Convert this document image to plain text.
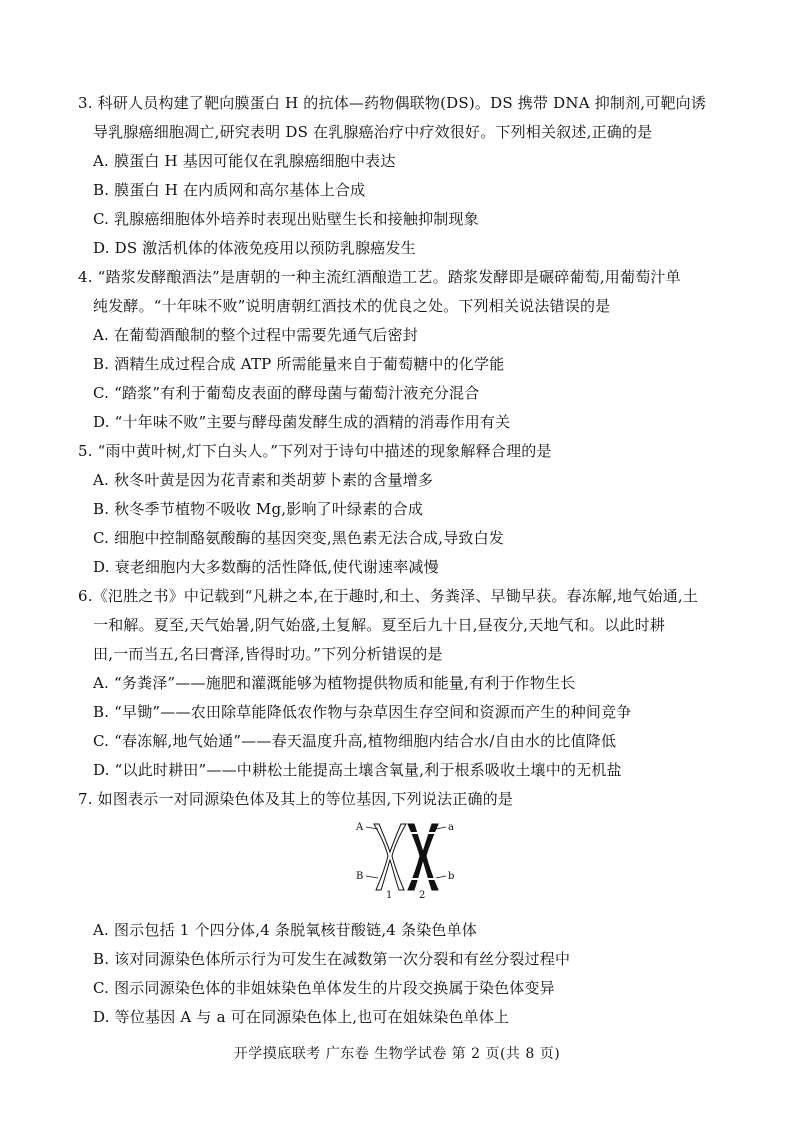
3. 科研人员构建了靶向膜蛋白 H 的抗体—药物偶联物(DS)。DS 携带 DNA 抑制剂,可靶向诱
导乳腺癌细胞凋亡,研究表明 DS 在乳腺癌治疗中疗效很好。下列相关叙述,正确的是
A. 膜蛋白 H 基因可能仅在乳腺癌细胞中表达
B. 膜蛋白 H 在内质网和高尔基体上合成
C. 乳腺癌细胞体外培养时表现出贴壁生长和接触抑制现象
D. DS 激活机体的体液免疫用以预防乳腺癌发生
4. “踏浆发酵酿酒法”是唐朝的一种主流红酒酿造工艺。踏浆发酵即是碾碎葡萄,用葡萄汁单
纯发酵。“十年味不败”说明唐朝红酒技术的优良之处。下列相关说法错误的是
A. 在葡萄酒酿制的整个过程中需要先通气后密封
B. 酒精生成过程合成 ATP 所需能量来自于葡萄糖中的化学能
C. “踏浆”有利于葡萄皮表面的酵母菌与葡萄汁液充分混合
D. “十年味不败”主要与酵母菌发酵生成的酒精的消毒作用有关
5. “雨中黄叶树,灯下白头人。”下列对于诗句中描述的现象解释合理的是
A. 秋冬叶黄是因为花青素和类胡萝卜素的含量增多
B. 秋冬季节植物不吸收 Mg,影响了叶绿素的合成
C. 细胞中控制酪氨酸酶的基因突变,黑色素无法合成,导致白发
D. 衰老细胞内大多数酶的活性降低,使代谢速率减慢
6.《氾胜之书》中记载到“凡耕之本,在于趣时,和土、务粪泽、早锄早获。春冻解,地气始通,土
一和解。夏至,天气始暑,阴气始盛,土复解。夏至后九十日,昼夜分,天地气和。以此时耕
田,一而当五,名曰膏泽,皆得时功。”下列分析错误的是
A. “务粪泽”——施肥和灌溉能够为植物提供物质和能量,有利于作物生长
B. “早锄”——农田除草能降低农作物与杂草因生存空间和资源而产生的种间竞争
C. “春冻解,地气始通”——春天温度升高,植物细胞内结合水/自由水的比值降低
D. “以此时耕田”——中耕松土能提高土壤含氧量,利于根系吸收土壤中的无机盐
7. 如图表示一对同源染色体及其上的等位基因,下列说法正确的是
A	a
B	b
1	2
A. 图示包括 1 个四分体,4 条脱氧核苷酸链,4 条染色单体
B. 该对同源染色体所示行为可发生在减数第一次分裂和有丝分裂过程中
C. 图示同源染色体的非姐妹染色单体发生的片段交换属于染色体变异
D. 等位基因 A 与 a 可在同源染色体上,也可在姐妹染色单体上
开学摸底联考 广东卷 生物学试卷 第 2 页(共 8 页)
